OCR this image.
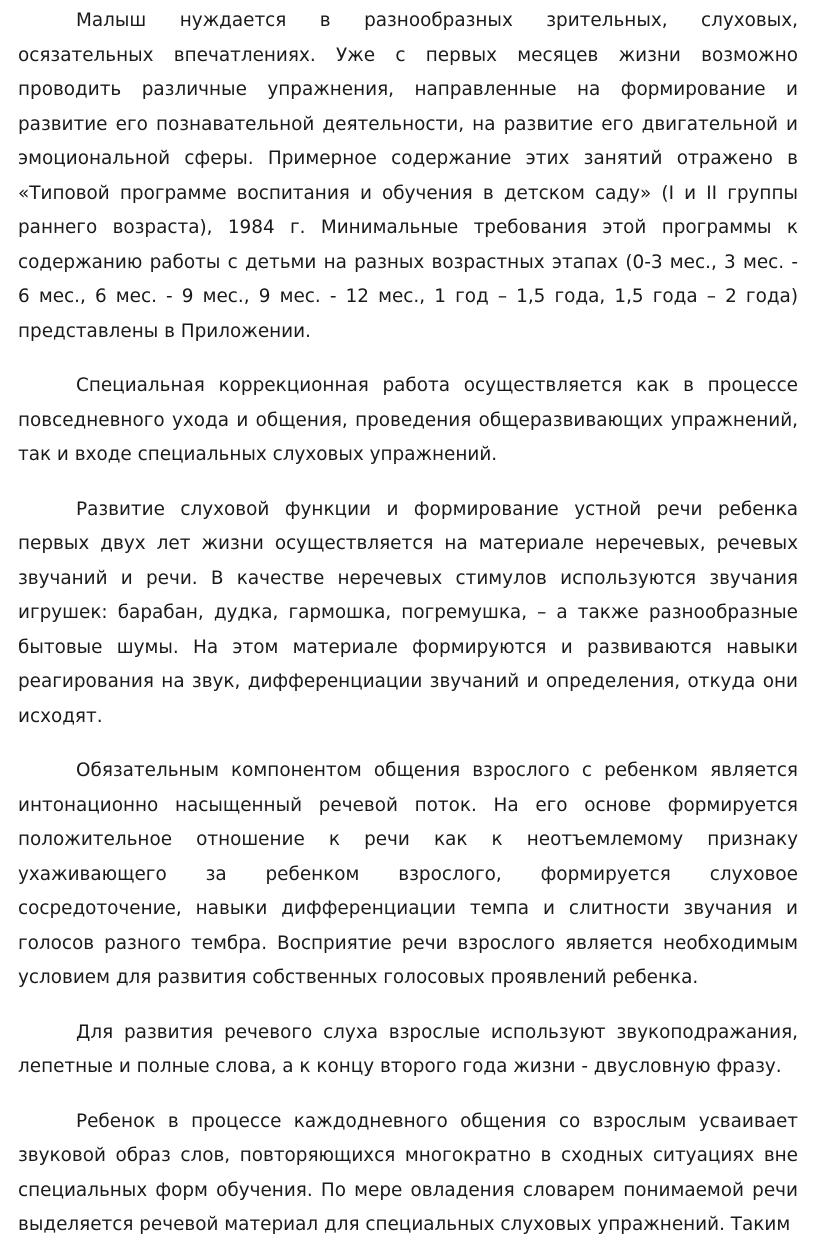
Малыш нуждается в разнообразных зрительных, слуховых, осязательных впечатлениях. Уже с первых месяцев жизни возможно проводить различные упражнения, направленные на формирование и развитие его познавательной деятельности, на развитие его двигательной и эмоциональной сферы. Примерное содержание этих занятий отражено в «Типовой программе воспитания и обучения в детском саду» (I и II группы раннего возраста), 1984 г. Минимальные требования этой программы к содержанию работы с детьми на разных возрастных этапах (0-3 мес., 3 мес. - 6 мес., 6 мес. - 9 мес., 9 мес. - 12 мес., 1 год – 1,5 года, 1,5 года – 2 года) представлены в Приложении.

Специальная коррекционная работа осуществляется как в процессе повседневного ухода и общения, проведения общеразвивающих упражнений, так и входе специальных слуховых упражнений.

Развитие слуховой функции и формирование устной речи ребенка первых двух лет жизни осуществляется на материале неречевых, речевых звучаний и речи. В качестве неречевых стимулов используются звучания игрушек: барабан, дудка, гармошка, погремушка, – а также разнообразные бытовые шумы. На этом материале формируются и развиваются навыки реагирования на звук, дифференциации звучаний и определения, откуда они исходят.

Обязательным компонентом общения взрослого с ребенком является интонационно насыщенный речевой поток. На его основе формируется положительное отношение к речи как к неотъемлемому признаку ухаживающего за ребенком взрослого, формируется слуховое сосредоточение, навыки дифференциации темпа и слитности звучания и голосов разного тембра. Восприятие речи взрослого является необходимым условием для развития собственных голосовых проявлений ребенка.

Для развития речевого слуха взрослые используют звукоподражания, лепетные и полные слова, а к концу второго года жизни - двусловную фразу.

Ребенок в процессе каждодневного общения со взрослым усваивает звуковой образ слов, повторяющихся многократно в сходных ситуациях вне специальных форм обучения. По мере овладения словарем понимаемой речи выделяется речевой материал для специальных слуховых упражнений. Таким
